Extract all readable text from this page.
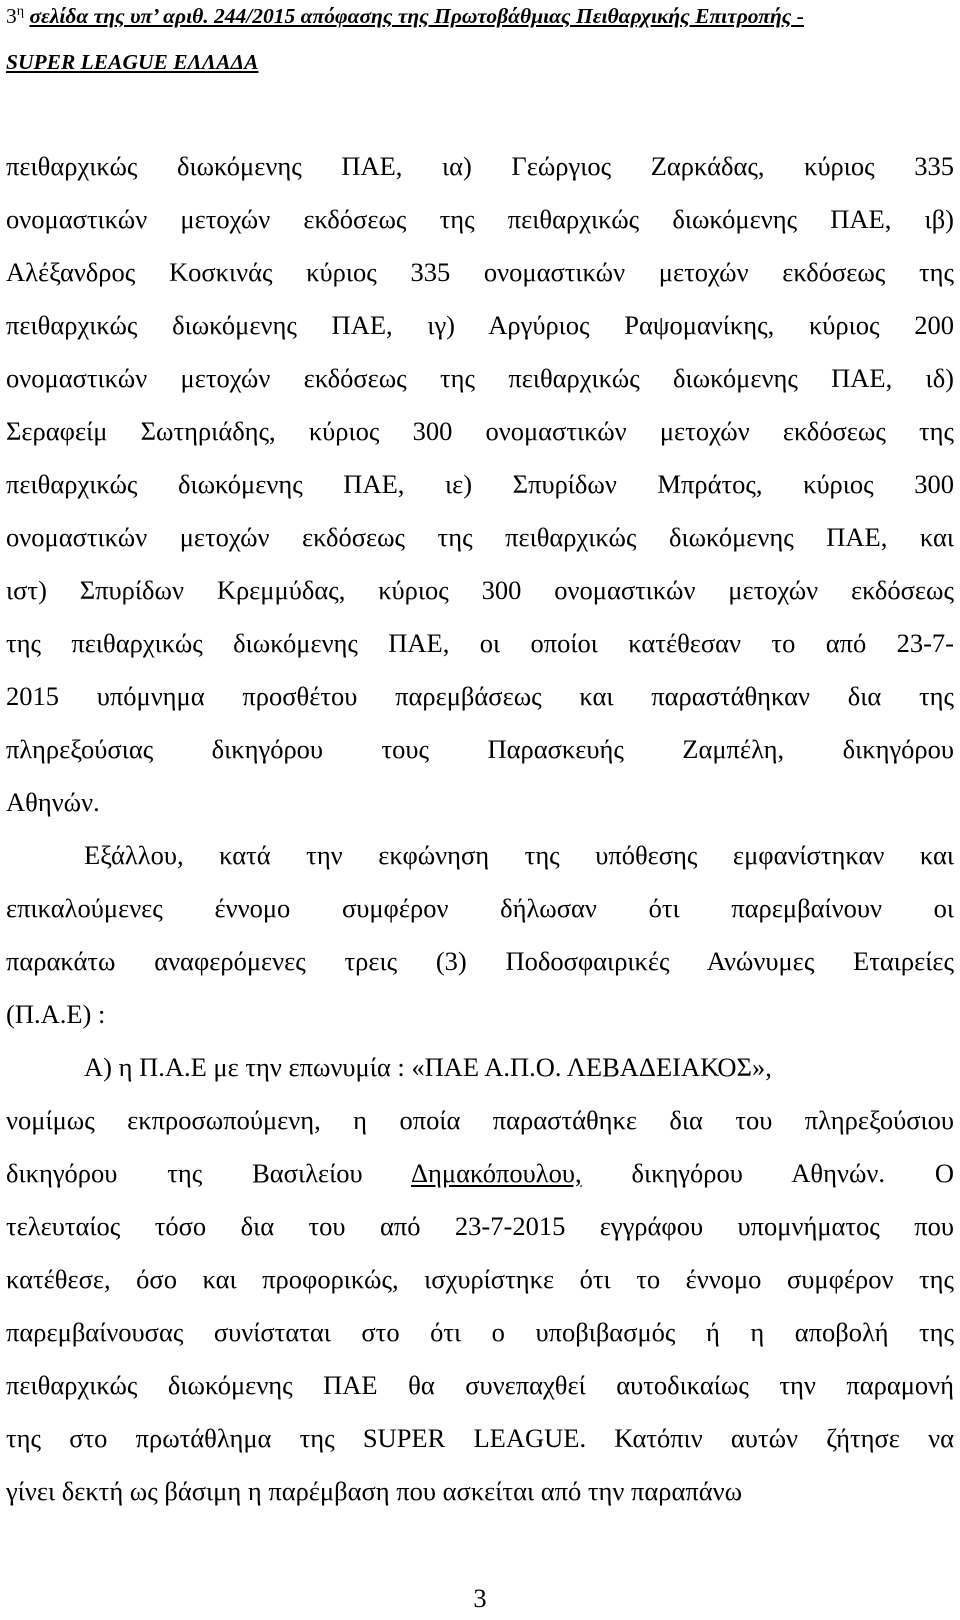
$3^\eta$ σελίδα της υπ’ αριθ. 244/2015 απόφασης της Πρωτοβάθμιας Πειθαρχικής Επιτροπής -
SUPER LEAGUE ΕΛΛΑΔΑ

πειθαρχικώς διωκόμενης ΠΑΕ, ια) Γεώργιος Ζαρκάδας, κύριος 335

ονομαστικών μετοχών εκδόσεως της πειθαρχικώς διωκόμενης ΠΑΕ, ιβ)

Αλέξανδρος Κοσκινάς κύριος 335 ονομαστικών μετοχών εκδόσεως της

πειθαρχικώς διωκόμενης ΠΑΕ, ιγ) Αργύριος Ραψομανίκης, κύριος 200

ονομαστικών μετοχών εκδόσεως της πειθαρχικώς διωκόμενης ΠΑΕ, ιδ)

Σεραφείμ Σωτηριάδης, κύριος 300 ονομαστικών μετοχών εκδόσεως της

πειθαρχικώς διωκόμενης ΠΑΕ, ιε) Σπυρίδων Μπράτος, κύριος 300

ονομαστικών μετοχών εκδόσεως της πειθαρχικώς διωκόμενης ΠΑΕ, και

ιστ) Σπυρίδων Κρεμμύδας, κύριος 300 ονομαστικών μετοχών εκδόσεως

της πειθαρχικώς διωκόμενης ΠΑΕ, οι οποίοι κατέθεσαν το από 23-7-

2015 υπόμνημα προσθέτου παρεμβάσεως και παραστάθηκαν δια της

πληρεξούσιας δικηγόρου τους Παρασκευής Ζαμπέλη, δικηγόρου

Αθηνών.

Εξάλλου, κατά την εκφώνηση της υπόθεσης εμφανίστηκαν και

επικαλούμενες έννομο συμφέρον δήλωσαν ότι παρεμβαίνουν οι

παρακάτω αναφερόμενες τρεις (3) Ποδοσφαιρικές Ανώνυμες Εταιρείες

(Π.Α.Ε) :

Α) η Π.Α.Ε με την επωνυμία : «ΠΑΕ Α.Π.Ο. ΛΕΒΑΔΕΙΑΚΟΣ»,

νομίμως εκπροσωπούμενη, η οποία παραστάθηκε δια του πληρεξούσιου

δικηγόρου της Βασιλείου Δημακόπουλου, δικηγόρου Αθηνών. Ο

τελευταίος τόσο δια του από 23-7-2015 εγγράφου υπομνήματος που

κατέθεσε, όσο και προφορικώς, ισχυρίστηκε ότι το έννομο συμφέρον της

παρεμβαίνουσας συνίσταται στο ότι ο υποβιβασμός ή η αποβολή της

πειθαρχικώς διωκόμενης ΠΑΕ θα συνεπαχθεί αυτοδικαίως την παραμονή

της στο πρωτάθλημα της SUPER LEAGUE. Κατόπιν αυτών ζήτησε να

γίνει δεκτή ως βάσιμη η παρέμβαση που ασκείται από την παραπάνω

3
